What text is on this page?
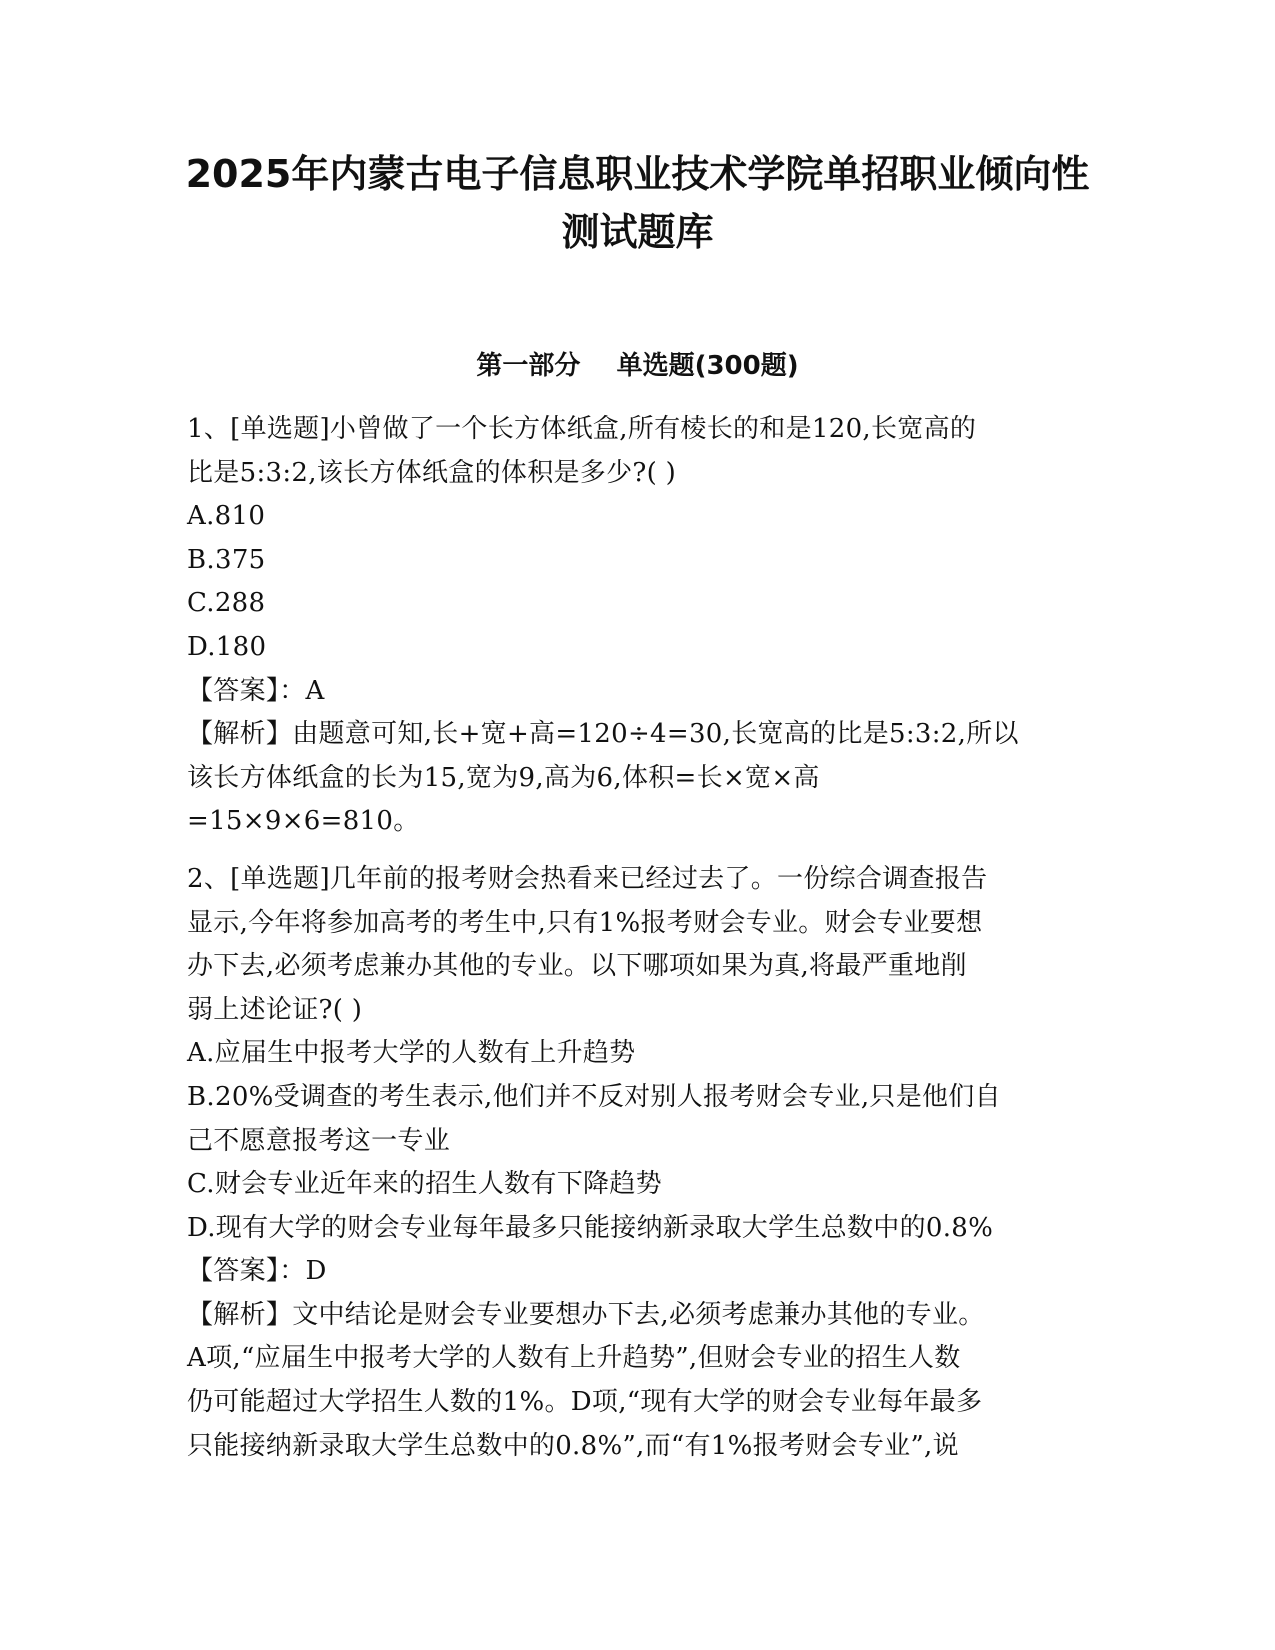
2025年内蒙古电子信息职业技术学院单招职业倾向性
测试题库
第一部分    单选题(300题)
1、[单选题]小曾做了一个长方体纸盒,所有棱长的和是120,长宽高的
比是5:3:2,该长方体纸盒的体积是多少?( )
A.810
B.375
C.288
D.180
【答案】：A
【解析】由题意可知,长+宽+高=120÷4=30,长宽高的比是5:3:2,所以
该长方体纸盒的长为15,宽为9,高为6,体积=长×宽×高
=15×9×6=810。
2、[单选题]几年前的报考财会热看来已经过去了。一份综合调查报告
显示,今年将参加高考的考生中,只有1%报考财会专业。财会专业要想
办下去,必须考虑兼办其他的专业。以下哪项如果为真,将最严重地削
弱上述论证?( )
A.应届生中报考大学的人数有上升趋势
B.20%受调查的考生表示,他们并不反对别人报考财会专业,只是他们自
己不愿意报考这一专业
C.财会专业近年来的招生人数有下降趋势
D.现有大学的财会专业每年最多只能接纳新录取大学生总数中的0.8%
【答案】：D
【解析】文中结论是财会专业要想办下去,必须考虑兼办其他的专业。
A项,“应届生中报考大学的人数有上升趋势”,但财会专业的招生人数
仍可能超过大学招生人数的1%。D项,“现有大学的财会专业每年最多
只能接纳新录取大学生总数中的0.8%”,而“有1%报考财会专业”,说
